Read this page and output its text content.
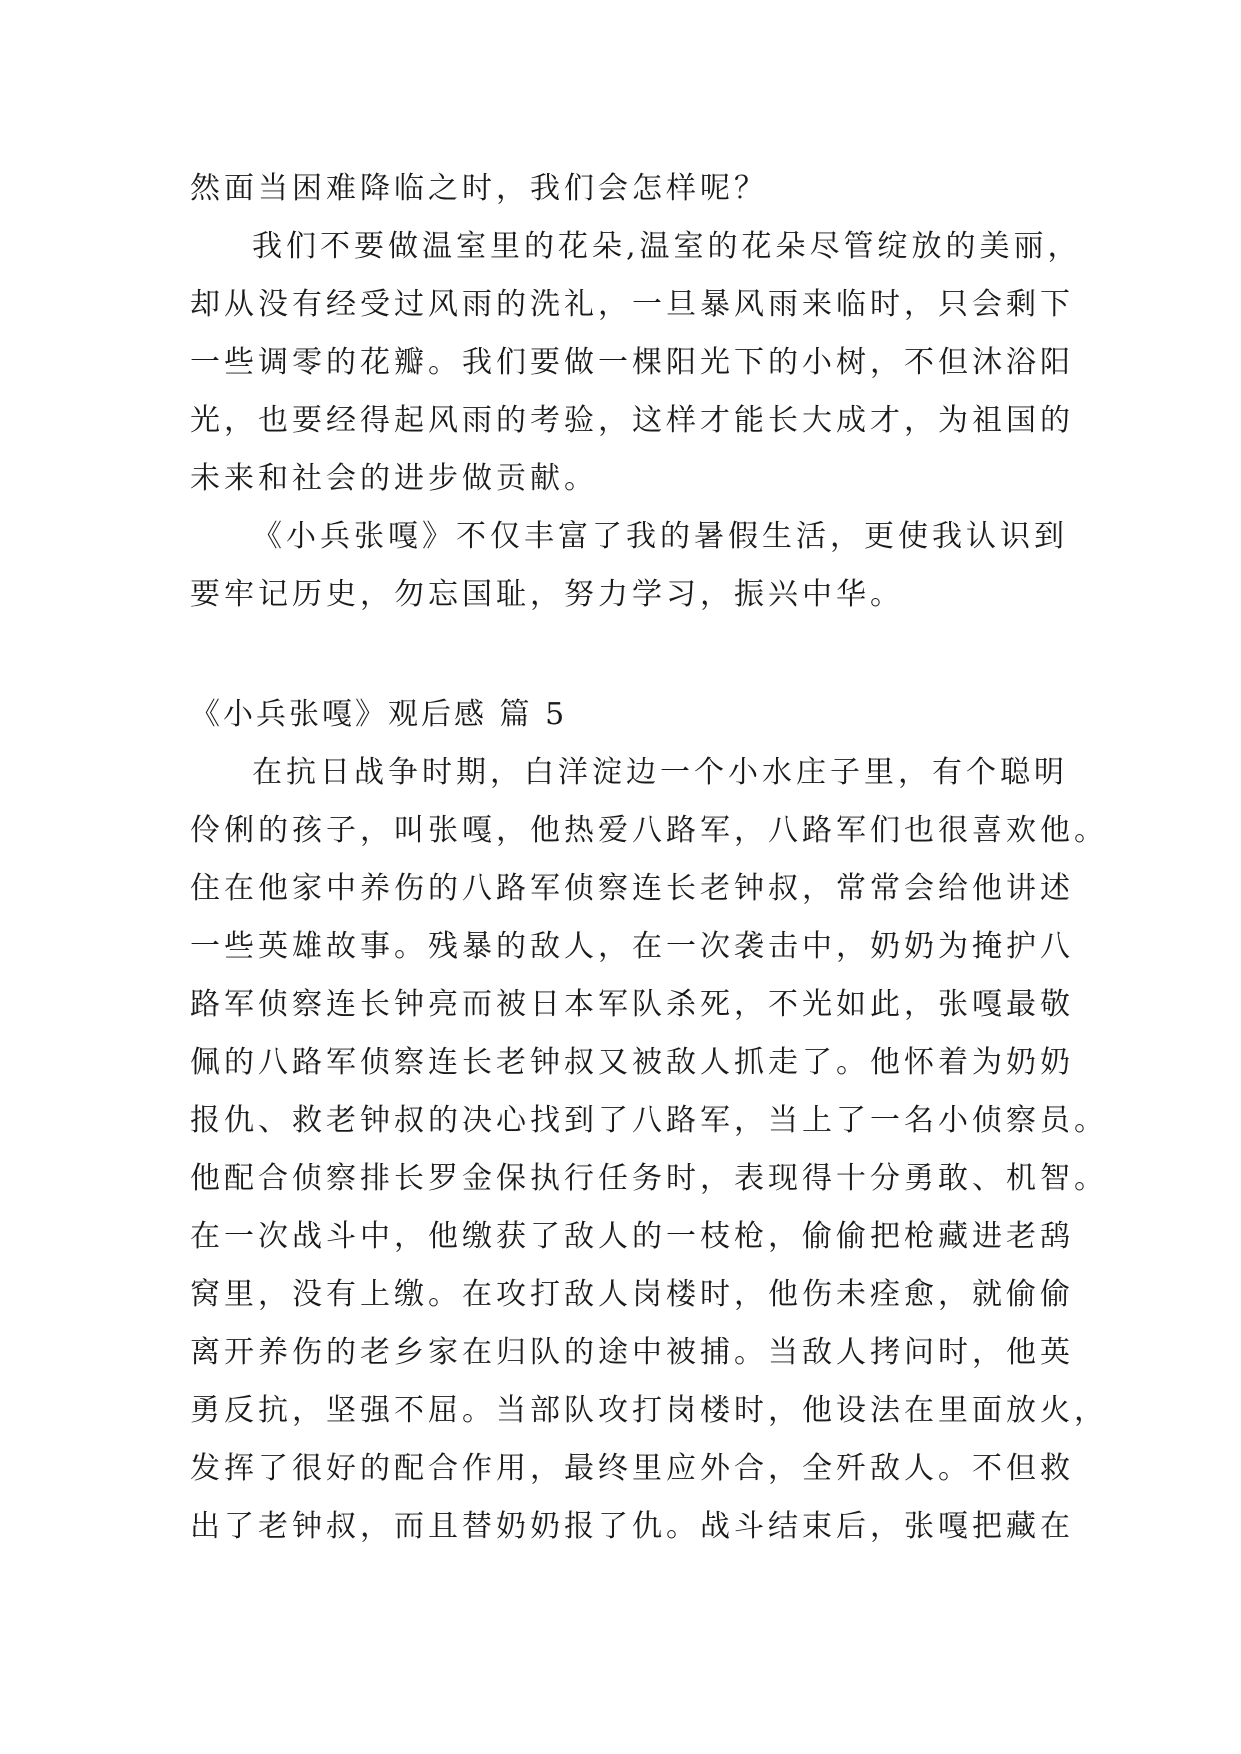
然面当困难降临之时，我们会怎样呢？
我们不要做温室里的花朵,温室的花朵尽管绽放的美丽，
却从没有经受过风雨的洗礼，一旦暴风雨来临时，只会剩下
一些调零的花瓣。我们要做一棵阳光下的小树，不但沐浴阳
光，也要经得起风雨的考验，这样才能长大成才，为祖国的
未来和社会的进步做贡献。
《小兵张嘎》不仅丰富了我的暑假生活，更使我认识到
要牢记历史，勿忘国耻，努力学习，振兴中华。
《小兵张嘎》观后感 篇 5
在抗日战争时期，白洋淀边一个小水庄子里，有个聪明
伶俐的孩子，叫张嘎，他热爱八路军，八路军们也很喜欢他。
住在他家中养伤的八路军侦察连长老钟叔，常常会给他讲述
一些英雄故事。残暴的敌人，在一次袭击中，奶奶为掩护八
路军侦察连长钟亮而被日本军队杀死，不光如此，张嘎最敬
佩的八路军侦察连长老钟叔又被敌人抓走了。他怀着为奶奶
报仇、救老钟叔的决心找到了八路军，当上了一名小侦察员。
他配合侦察排长罗金保执行任务时，表现得十分勇敢、机智。
在一次战斗中，他缴获了敌人的一枝枪，偷偷把枪藏进老鸹
窝里，没有上缴。在攻打敌人岗楼时，他伤未痊愈，就偷偷
离开养伤的老乡家在归队的途中被捕。当敌人拷问时，他英
勇反抗，坚强不屈。当部队攻打岗楼时，他设法在里面放火，
发挥了很好的配合作用，最终里应外合，全歼敌人。不但救
出了老钟叔，而且替奶奶报了仇。战斗结束后，张嘎把藏在
